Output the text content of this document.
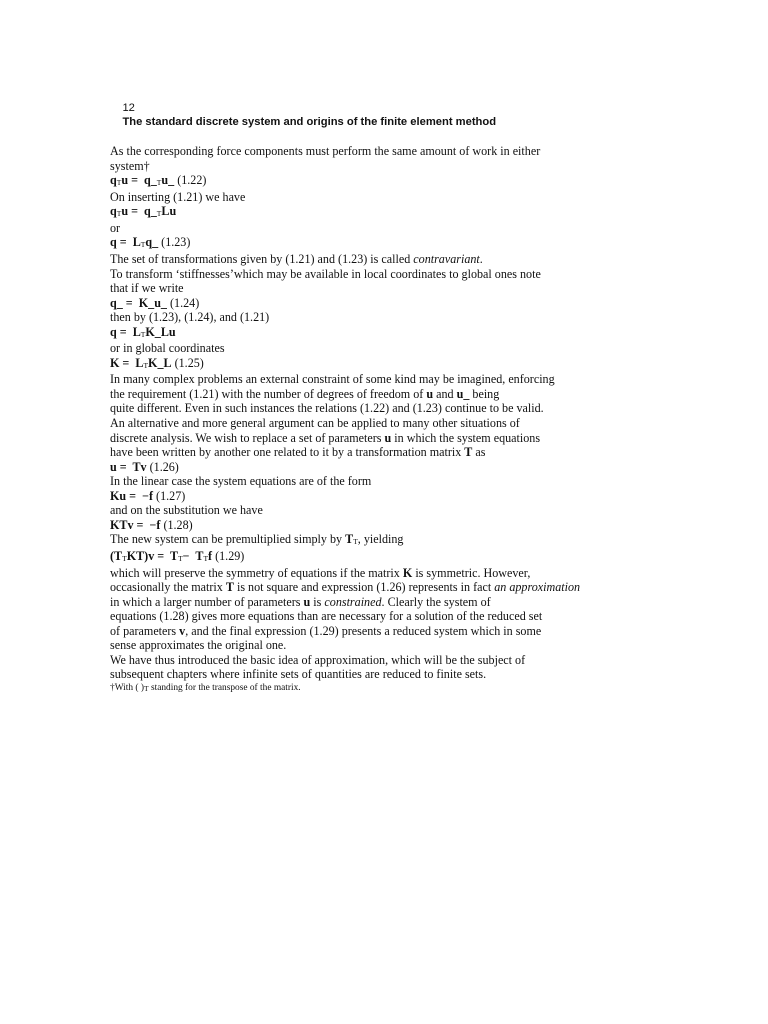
12
The standard discrete system and origins of the finite element method

As the corresponding force components must perform the same amount of work in either
system†
qTu =  q_Tu_ (1.22)
On inserting (1.21) we have
qTu =  q_TLu
or
q =  LTq_ (1.23)
The set of transformations given by (1.21) and (1.23) is called contravariant.
To transform ‘stiffnesses’which may be available in local coordinates to global ones note
that if we write
q_ =  K_u_ (1.24)
then by (1.23), (1.24), and (1.21)
q =  LTK_Lu
or in global coordinates
K =  LTK_L (1.25)
In many complex problems an external constraint of some kind may be imagined, enforcing
the requirement (1.21) with the number of degrees of freedom of u and u_ being
quite different. Even in such instances the relations (1.22) and (1.23) continue to be valid.
An alternative and more general argument can be applied to many other situations of
discrete analysis. We wish to replace a set of parameters u in which the system equations
have been written by another one related to it by a transformation matrix T as
u =  Tv (1.26)
In the linear case the system equations are of the form
Ku =  −f (1.27)
and on the substitution we have
KTv =  −f (1.28)
The new system can be premultiplied simply by TT, yielding
(TTKT)v =  TT−  TTf (1.29)
which will preserve the symmetry of equations if the matrix K is symmetric. However,
occasionally the matrix T is not square and expression (1.26) represents in fact an approximation
in which a larger number of parameters u is constrained. Clearly the system of
equations (1.28) gives more equations than are necessary for a solution of the reduced set
of parameters v, and the final expression (1.29) presents a reduced system which in some
sense approximates the original one.
We have thus introduced the basic idea of approximation, which will be the subject of
subsequent chapters where infinite sets of quantities are reduced to finite sets.
†With ( )T standing for the transpose of the matrix.
